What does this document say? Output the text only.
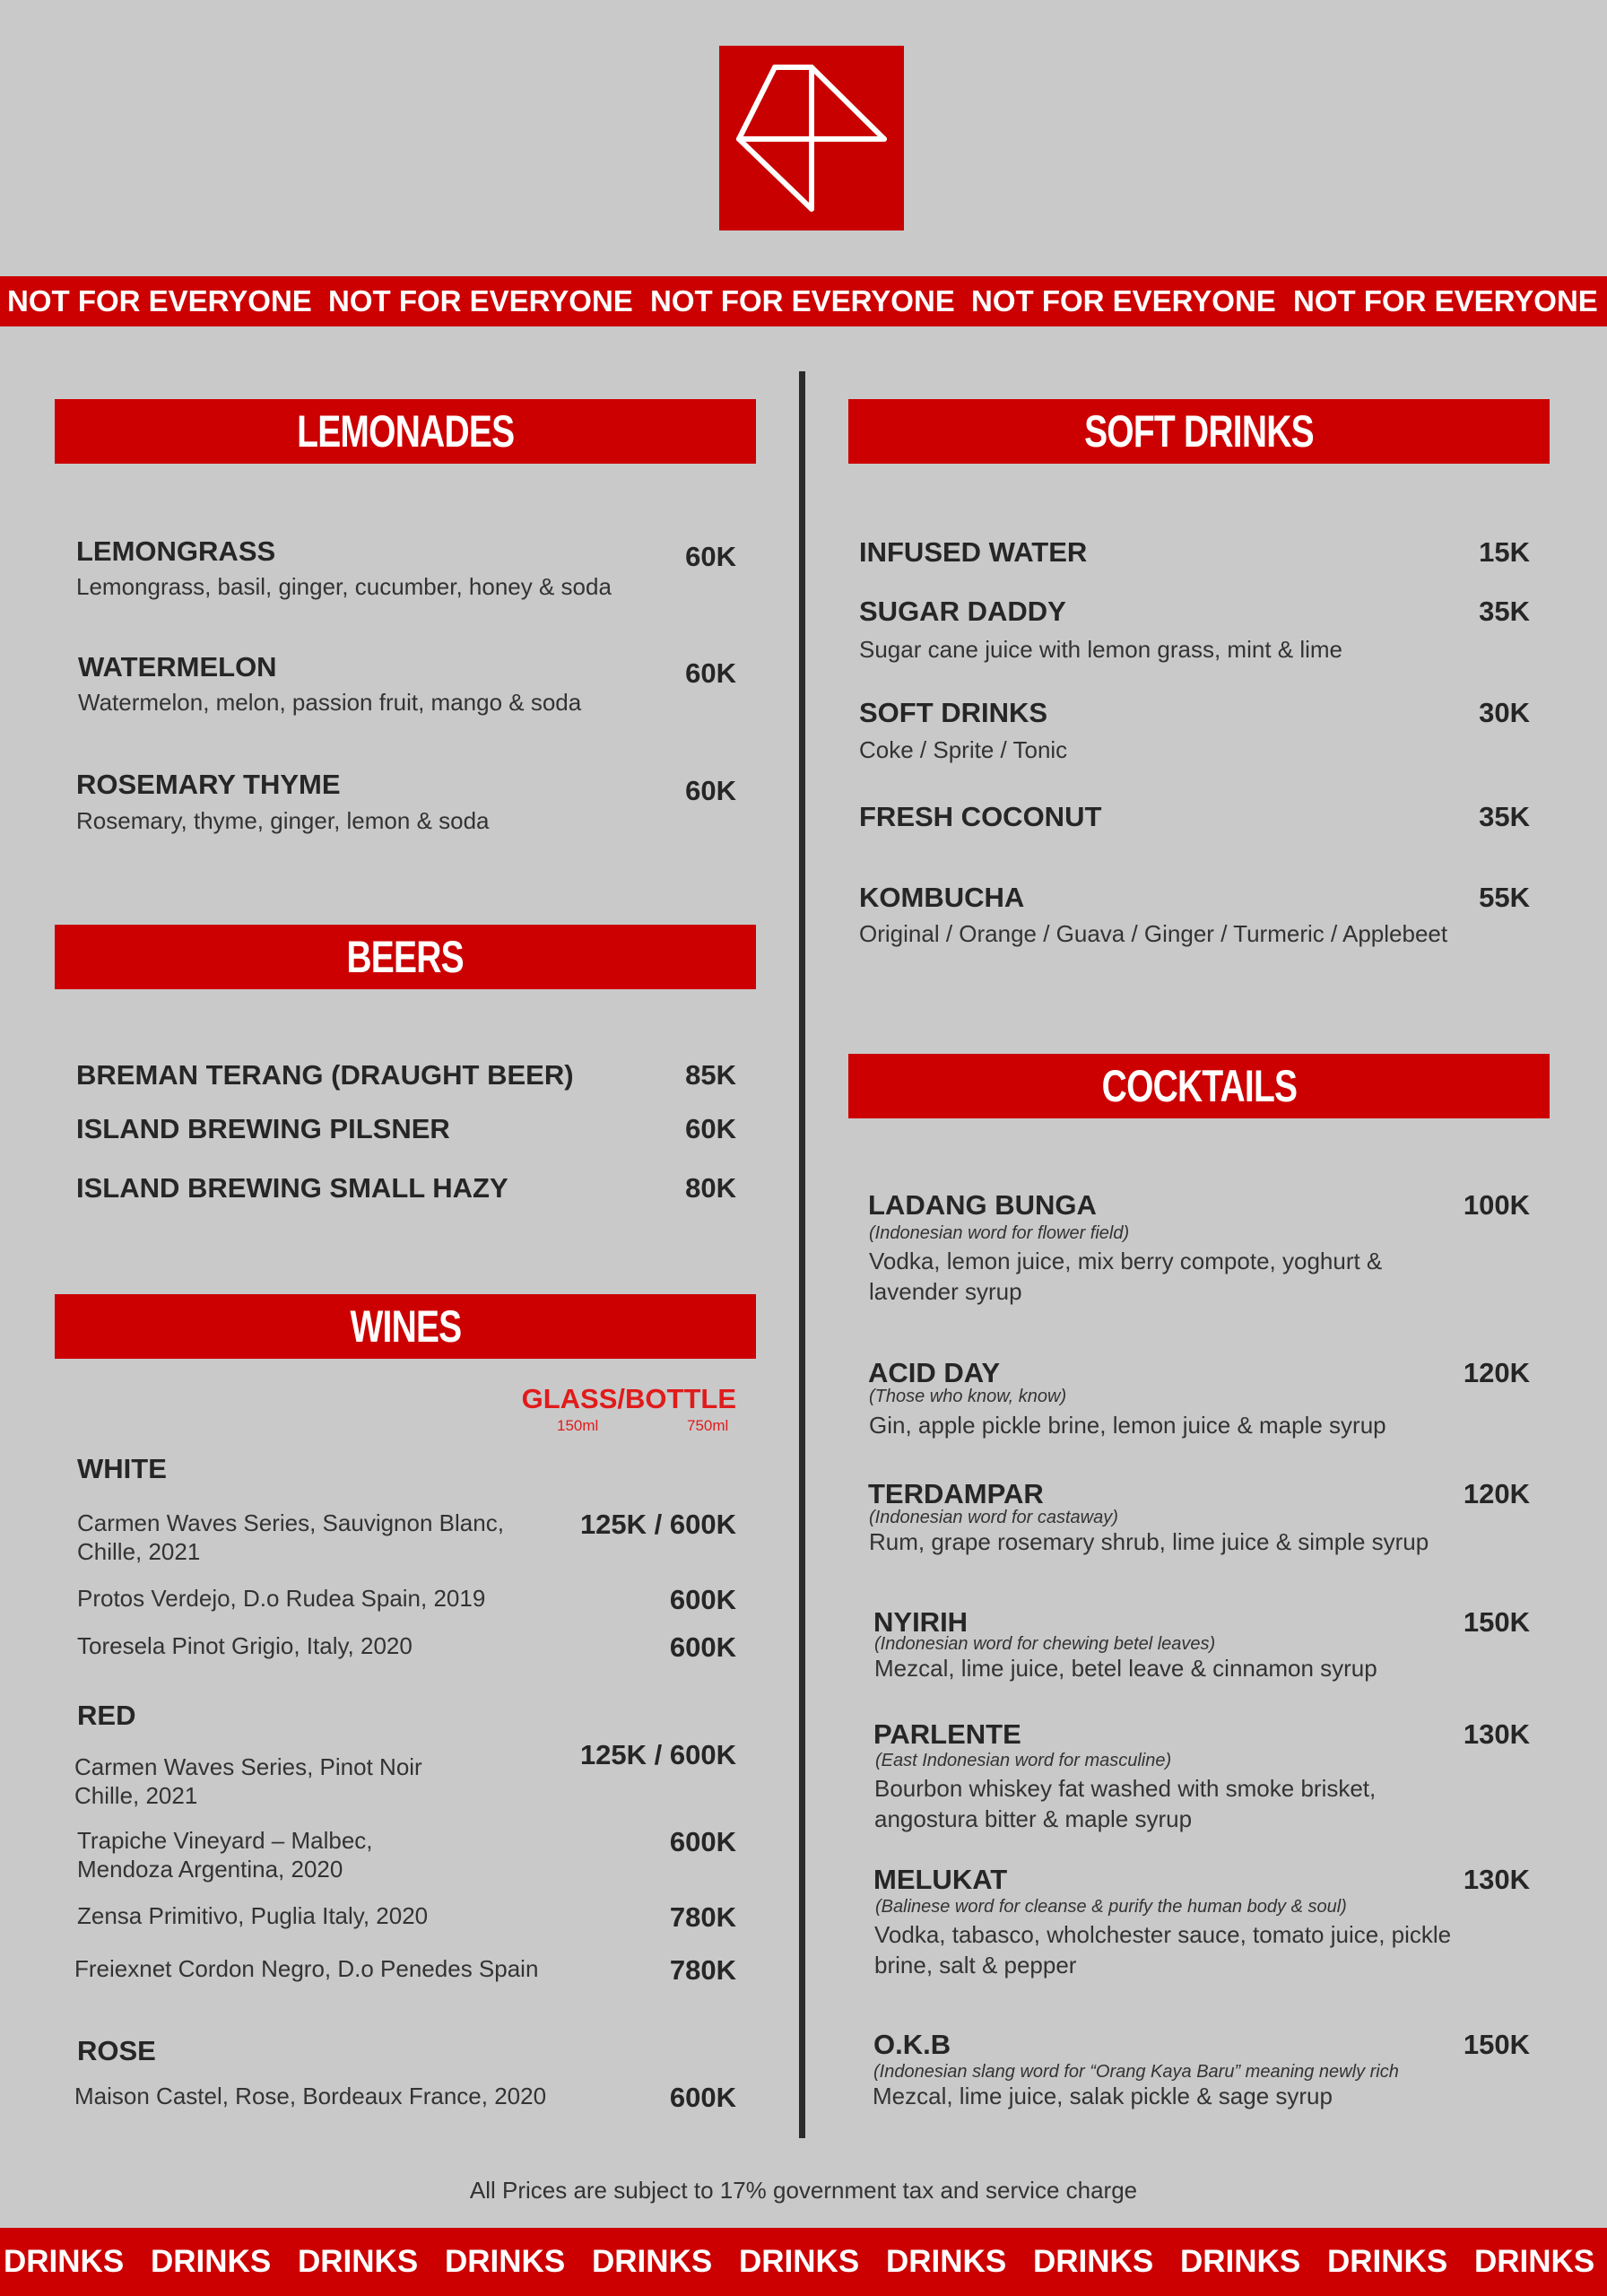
NOT FOR EVERYONE NOT FOR EVERYONE NOT FOR EVERYONE NOT FOR EVERYONE NOT FOR EVERYONE
LEMONADES
LEMONGRASS	60K
Lemongrass, basil, ginger, cucumber, honey & soda
WATERMELON	60K
Watermelon, melon, passion fruit, mango & soda
ROSEMARY THYME	60K
Rosemary, thyme, ginger, lemon & soda
BEERS
BREMAN TERANG (DRAUGHT BEER)	85K
ISLAND BREWING PILSNER	60K
ISLAND BREWING SMALL HAZY	80K
WINES
GLASS/BOTTLE
150ml	750ml
WHITE
Carmen Waves Series, Sauvignon Blanc, Chille, 2021
125K / 600K
Protos Verdejo, D.o Rudea Spain, 2019	600K
Toresela Pinot Grigio, Italy, 2020	600K
RED
Carmen Waves Series, Pinot Noir Chille, 2021
125K / 600K
Trapiche Vineyard – Malbec, Mendoza Argentina, 2020
600K
Zensa Primitivo, Puglia Italy, 2020	780K
Freiexnet Cordon Negro, D.o Penedes Spain	780K
ROSE
Maison Castel, Rose, Bordeaux France, 2020	600K
SOFT DRINKS
INFUSED WATER	15K
SUGAR DADDY	35K
Sugar cane juice with lemon grass, mint & lime
SOFT DRINKS	30K
Coke / Sprite / Tonic
FRESH COCONUT	35K
KOMBUCHA	55K
Original / Orange / Guava / Ginger / Turmeric / Applebeet
COCKTAILS
LADANG BUNGA	100K
(Indonesian word for flower field)
Vodka, lemon juice, mix berry compote, yoghurt & lavender syrup
ACID DAY	120K
(Those who know, know)
Gin, apple pickle brine, lemon juice & maple syrup
TERDAMPAR	120K
(Indonesian word for castaway)
Rum, grape rosemary shrub, lime juice & simple syrup
NYIRIH	150K
(Indonesian word for chewing betel leaves)
Mezcal, lime juice, betel leave & cinnamon syrup
PARLENTE	130K
(East Indonesian word for masculine)
Bourbon whiskey fat washed with smoke brisket, angostura bitter & maple syrup
MELUKAT	130K
(Balinese word for cleanse & purify the human body & soul)
Vodka, tabasco, wholchester sauce, tomato juice, pickle brine, salt & pepper
O.K.B	150K
(Indonesian slang word for “Orang Kaya Baru” meaning newly rich
Mezcal, lime juice, salak pickle & sage syrup
All Prices are subject to 17% government tax and service charge
DRINKS DRINKS DRINKS DRINKS DRINKS DRINKS DRINKS DRINKS DRINKS DRINKS DRINKS
